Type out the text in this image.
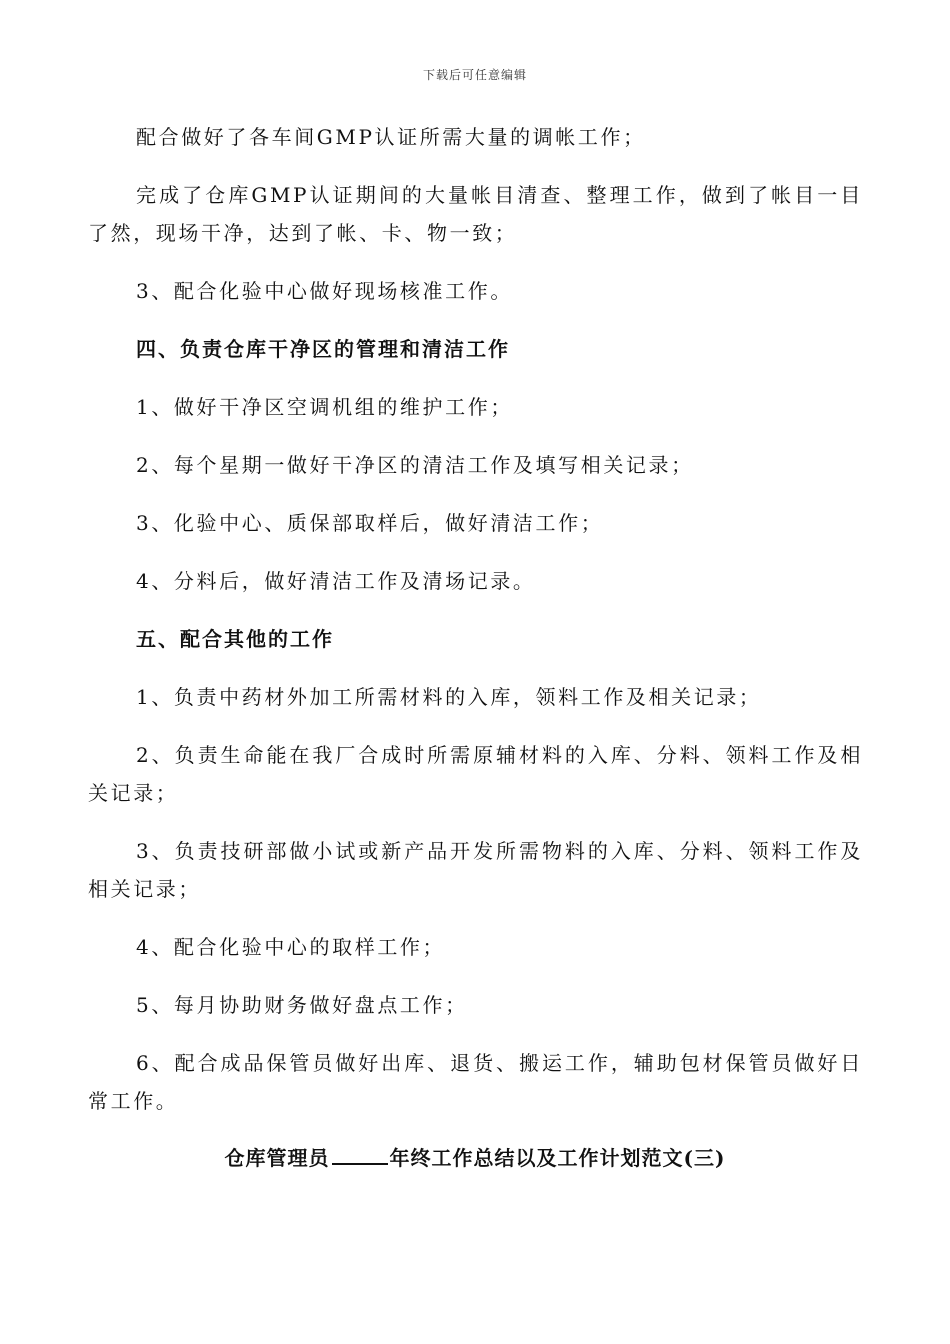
下载后可任意编辑

配合做好了各车间GMP认证所需大量的调帐工作；

完成了仓库GMP认证期间的大量帐目清查、整理工作，做到了帐目一目了然，现场干净，达到了帐、卡、物一致；

3、配合化验中心做好现场核准工作。

四、负责仓库干净区的管理和清洁工作

1、做好干净区空调机组的维护工作；

2、每个星期一做好干净区的清洁工作及填写相关记录；

3、化验中心、质保部取样后，做好清洁工作；

4、分料后，做好清洁工作及清场记录。

五、配合其他的工作

1、负责中药材外加工所需材料的入库，领料工作及相关记录；

2、负责生命能在我厂合成时所需原辅材料的入库、分料、领料工作及相关记录；

3、负责技研部做小试或新产品开发所需物料的入库、分料、领料工作及相关记录；

4、配合化验中心的取样工作；

5、每月协助财务做好盘点工作；

6、配合成品保管员做好出库、退货、搬运工作，辅助包材保管员做好日常工作。

仓库管理员	年终工作总结以及工作计划范文(三)
